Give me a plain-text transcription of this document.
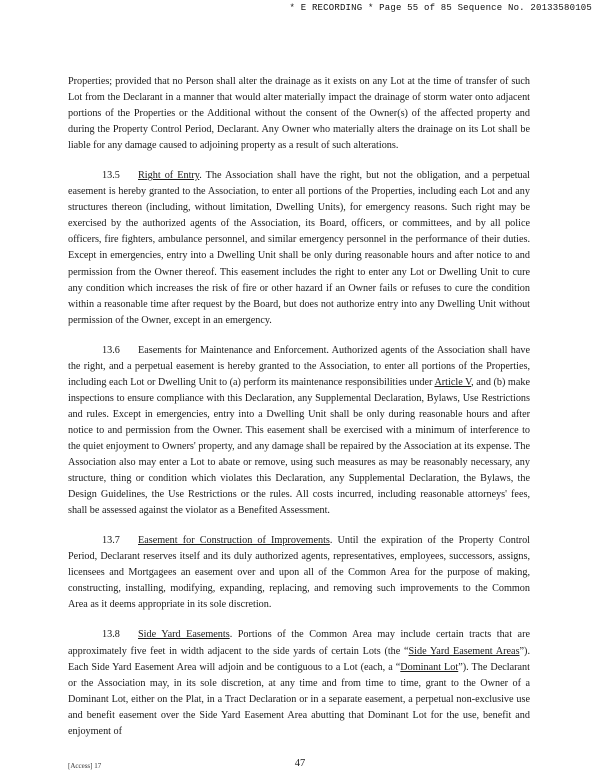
* E RECORDING * Page 55 of 85 Sequence No. 20133580105

Properties; provided that no Person shall alter the drainage as it exists on any Lot at the time of transfer of such Lot from the Declarant in a manner that would alter materially impact the drainage of storm water onto adjacent portions of the Properties or the Additional without the consent of the Owner(s) of the affected property and during the Property Control Period, Declarant. Any Owner who materially alters the drainage on its Lot shall be liable for any damage caused to adjoining property as a result of such alterations.

13.5 Right of Entry. The Association shall have the right, but not the obligation, and a perpetual easement is hereby granted to the Association, to enter all portions of the Properties, including each Lot and any structures thereon (including, without limitation, Dwelling Units), for emergency reasons. Such right may be exercised by the authorized agents of the Association, its Board, officers, or committees, and by all police officers, fire fighters, ambulance personnel, and similar emergency personnel in the performance of their duties. Except in emergencies, entry into a Dwelling Unit shall be only during reasonable hours and after notice to and permission from the Owner thereof. This easement includes the right to enter any Lot or Dwelling Unit to cure any condition which increases the risk of fire or other hazard if an Owner fails or refuses to cure the condition within a reasonable time after request by the Board, but does not authorize entry into any Dwelling Unit without permission of the Owner, except in an emergency.

13.6 Easements for Maintenance and Enforcement. Authorized agents of the Association shall have the right, and a perpetual easement is hereby granted to the Association, to enter all portions of the Properties, including each Lot or Dwelling Unit to (a) perform its maintenance responsibilities under Article V, and (b) make inspections to ensure compliance with this Declaration, any Supplemental Declaration, Bylaws, Use Restrictions and rules. Except in emergencies, entry into a Dwelling Unit shall be only during reasonable hours and after notice to and permission from the Owner. This easement shall be exercised with a minimum of interference to the quiet enjoyment to Owners' property, and any damage shall be repaired by the Association at its expense. The Association also may enter a Lot to abate or remove, using such measures as may be reasonably necessary, any structure, thing or condition which violates this Declaration, any Supplemental Declaration, the Bylaws, the Design Guidelines, the Use Restrictions or the rules. All costs incurred, including reasonable attorneys' fees, shall be assessed against the violator as a Benefited Assessment.

13.7 Easement for Construction of Improvements. Until the expiration of the Property Control Period, Declarant reserves itself and its duly authorized agents, representatives, employees, successors, assigns, licensees and Mortgagees an easement over and upon all of the Common Area for the purpose of making, constructing, installing, modifying, expanding, replacing, and removing such improvements to the Common Area as it deems appropriate in its sole discretion.

13.8 Side Yard Easements. Portions of the Common Area may include certain tracts that are approximately five feet in width adjacent to the side yards of certain Lots (the “Side Yard Easement Areas”). Each Side Yard Easement Area will adjoin and be contiguous to a Lot (each, a “Dominant Lot”). The Declarant or the Association may, in its sole discretion, at any time and from time to time, grant to the Owner of a Dominant Lot, either on the Plat, in a Tract Declaration or in a separate easement, a perpetual non-exclusive use and benefit easement over the Side Yard Easement Area abutting that Dominant Lot for the use, benefit and enjoyment of

[Access] 17	47
